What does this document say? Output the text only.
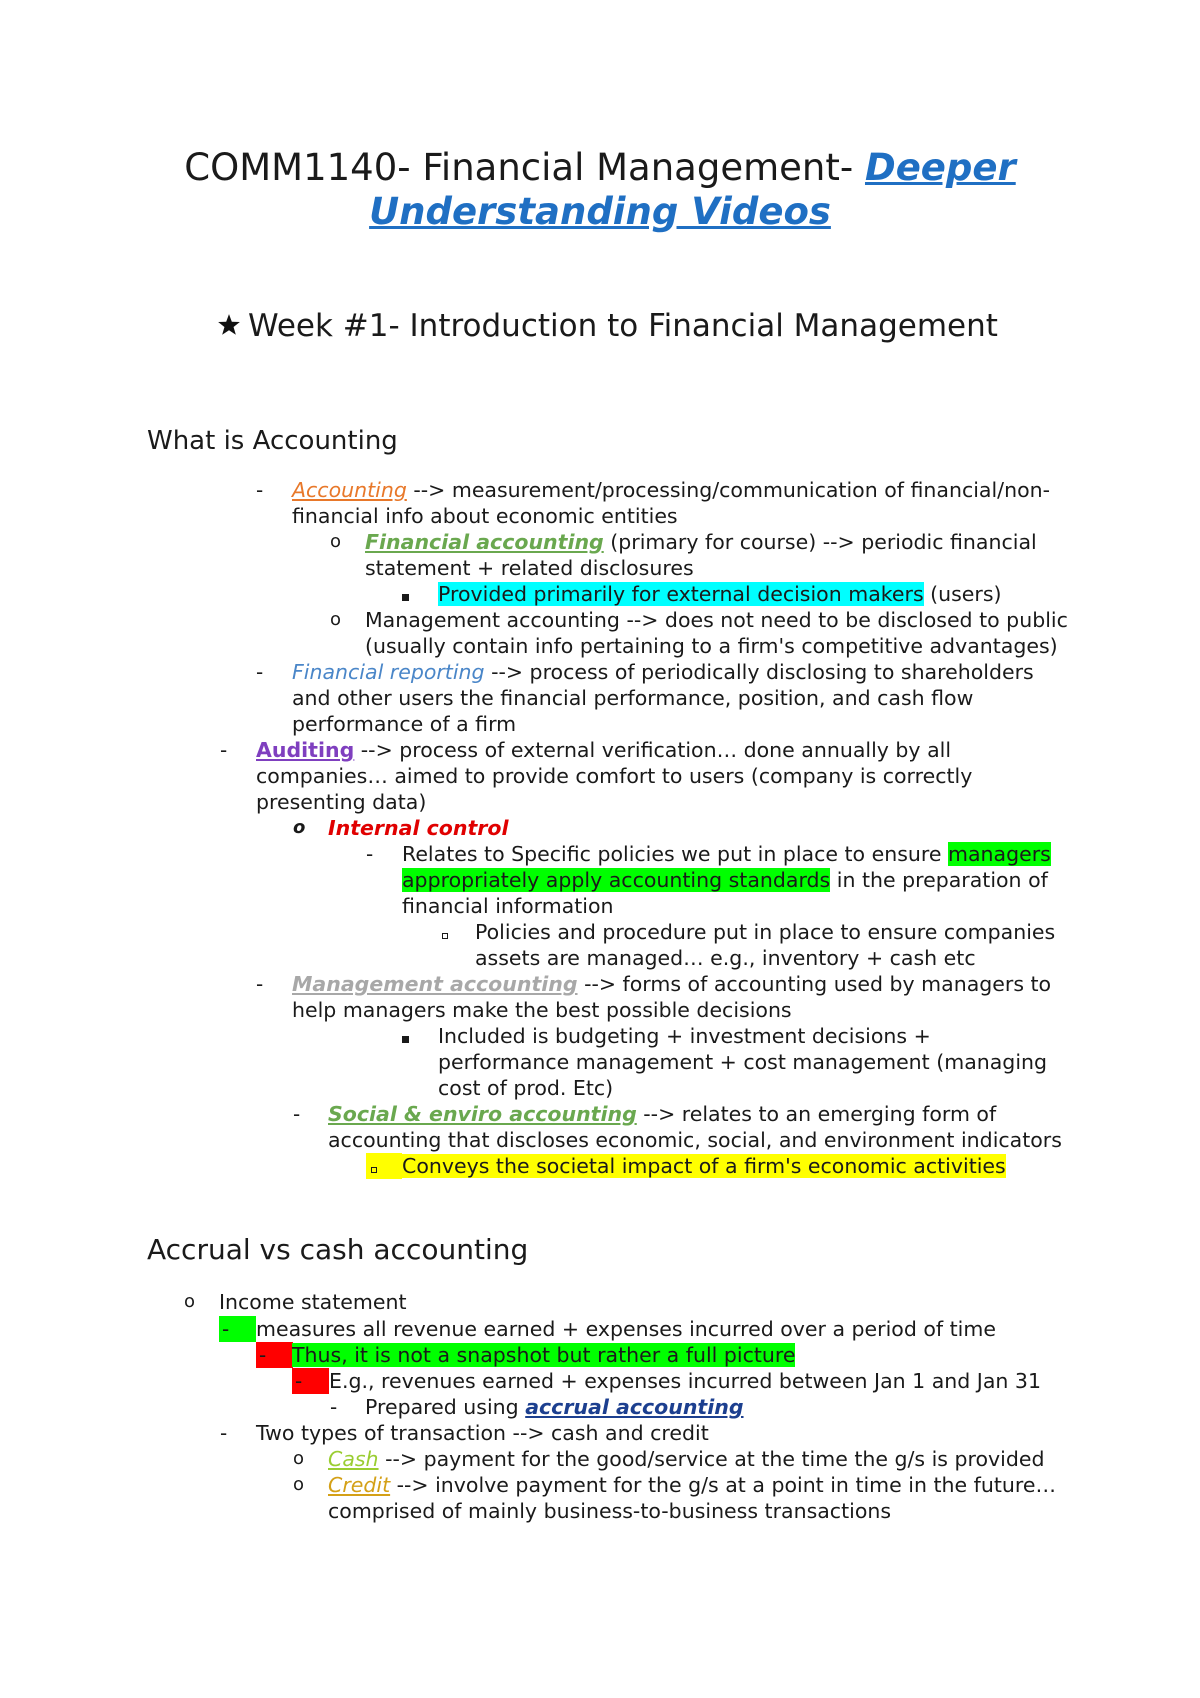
COMM1140- Financial Management- Deeper
Understanding Videos
Week #1- Introduction to Financial Management
What is Accounting
-
Accounting --> measurement/processing/communication of financial/non-
financial info about economic entities
o Financial accounting (primary for course) --> periodic financial
statement + related disclosures
Provided primarily for external decision makers (users)
o Management accounting --> does not need to be disclosed to public
(usually contain info pertaining to a firm's competitive advantages)
-
Financial reporting --> process of periodically disclosing to shareholders
and other users the financial performance, position, and cash flow
performance of a firm
-
Auditing --> process of external verification… done annually by all
companies… aimed to provide comfort to users (company is correctly
presenting data)
o Internal control
-
Relates to Specific policies we put in place to ensure managers
appropriately apply accounting standards in the preparation of
financial information
Policies and procedure put in place to ensure companies
assets are managed… e.g., inventory + cash etc
-
Management accounting --> forms of accounting used by managers to
help managers make the best possible decisions
Included is budgeting + investment decisions +
performance management + cost management (managing
cost of prod. Etc)
-
Social & enviro accounting --> relates to an emerging form of
accounting that discloses economic, social, and environment indicators
Conveys the societal impact of a firm's economic activities
Accrual vs cash accounting
o Income statement
-
measures all revenue earned + expenses incurred over a period of time
-
Thus, it is not a snapshot but rather a full picture
-
E.g., revenues earned + expenses incurred between Jan 1 and Jan 31
-
Prepared using accrual accounting
-
Two types of transaction --> cash and credit
o Cash --> payment for the good/service at the time the g/s is provided
o Credit --> involve payment for the g/s at a point in time in the future…
comprised of mainly business-to-business transactions
